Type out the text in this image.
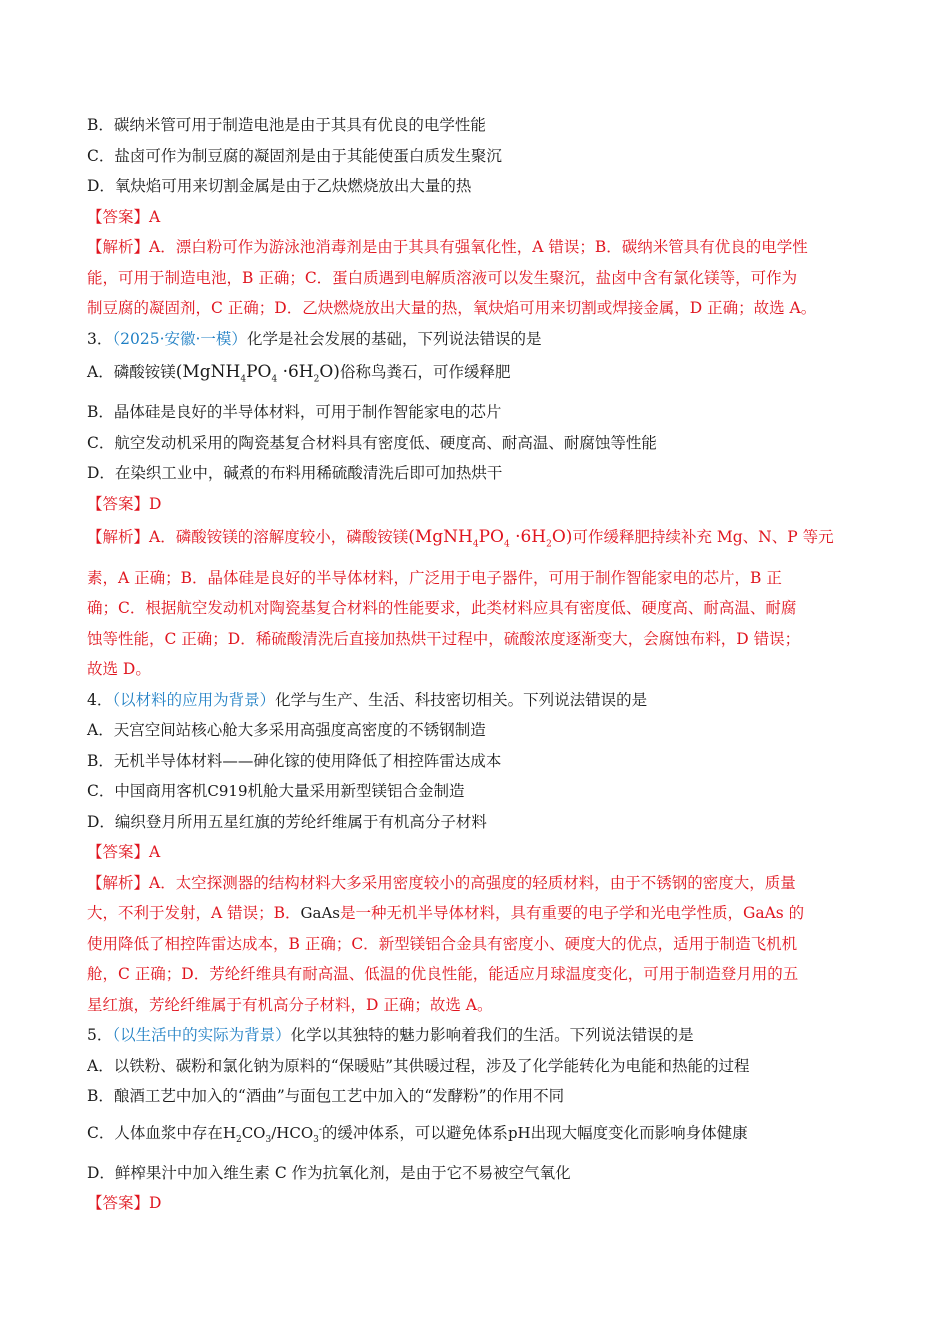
B．碳纳米管可用于制造电池是由于其具有优良的电学性能
C．盐卤可作为制豆腐的凝固剂是由于其能使蛋白质发生聚沉
D．氧炔焰可用来切割金属是由于乙炔燃烧放出大量的热
【答案】A
【解析】A．漂白粉可作为游泳池消毒剂是由于其具有强氧化性，A 错误；B．碳纳米管具有优良的电学性
能，可用于制造电池，B 正确；C．蛋白质遇到电解质溶液可以发生聚沉，盐卤中含有氯化镁等，可作为
制豆腐的凝固剂，C 正确；D．乙炔燃烧放出大量的热，氧炔焰可用来切割或焊接金属，D 正确；故选 A。
3．（2025·安徽·一模）化学是社会发展的基础，下列说法错误的是
A．磷酸铵镁$(MgNH_4PO_4 \cdot 6H_2O)$俗称鸟粪石，可作缓释肥
B．晶体硅是良好的半导体材料，可用于制作智能家电的芯片
C．航空发动机采用的陶瓷基复合材料具有密度低、硬度高、耐高温、耐腐蚀等性能
D．在染织工业中，碱煮的布料用稀硫酸清洗后即可加热烘干
【答案】D
【解析】A．磷酸铵镁的溶解度较小，磷酸铵镁$(MgNH_4PO_4 \cdot 6H_2O)$可作缓释肥持续补充 Mg、N、P 等元
素，A 正确；B．晶体硅是良好的半导体材料，广泛用于电子器件，可用于制作智能家电的芯片，B 正
确；C．根据航空发动机对陶瓷基复合材料的性能要求，此类材料应具有密度低、硬度高、耐高温、耐腐
蚀等性能，C 正确；D．稀硫酸清洗后直接加热烘干过程中，硫酸浓度逐渐变大，会腐蚀布料，D 错误；
故选 D。
4．（以材料的应用为背景）化学与生产、生活、科技密切相关。下列说法错误的是
A．天宫空间站核心舱大多采用高强度高密度的不锈钢制造
B．无机半导体材料——砷化镓的使用降低了相控阵雷达成本
C．中国商用客机C919机舱大量采用新型镁铝合金制造
D．编织登月所用五星红旗的芳纶纤维属于有机高分子材料
【答案】A
【解析】A．太空探测器的结构材料大多采用密度较小的高强度的轻质材料，由于不锈钢的密度大，质量
大，不利于发射，A 错误；B．GaAs是一种无机半导体材料，具有重要的电子学和光电学性质，GaAs 的
使用降低了相控阵雷达成本，B 正确；C．新型镁铝合金具有密度小、硬度大的优点，适用于制造飞机机
舱，C 正确；D．芳纶纤维具有耐高温、低温的优良性能，能适应月球温度变化，可用于制造登月用的五
星红旗，芳纶纤维属于有机高分子材料，D 正确；故选 A。
5．（以生活中的实际为背景）化学以其独特的魅力影响着我们的生活。下列说法错误的是
A．以铁粉、碳粉和氯化钠为原料的“保暖贴”其供暖过程，涉及了化学能转化为电能和热能的过程
B．酿酒工艺中加入的“酒曲”与面包工艺中加入的“发酵粉”的作用不同
C．人体血浆中存在$H_2CO_3/HCO_3^-$的缓冲体系，可以避免体系pH出现大幅度变化而影响身体健康
D．鲜榨果汁中加入维生素 C 作为抗氧化剂，是由于它不易被空气氧化
【答案】D
